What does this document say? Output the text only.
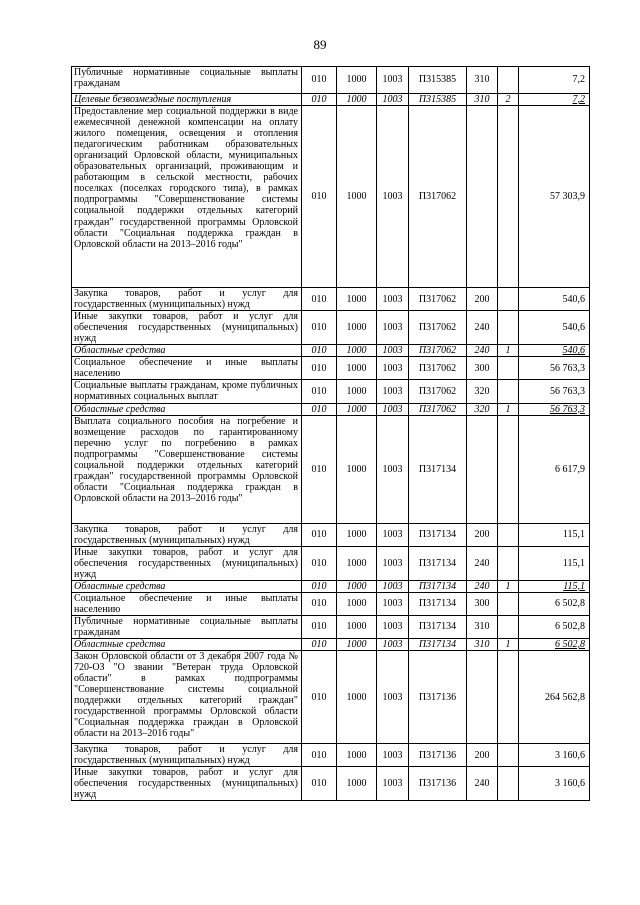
89
Публичные нормативные социальные выплаты гражданам	010	1000	1003	П315385	310		7,2
Целевые безвозмездные поступления	010	1000	1003	П315385	310	2	7,2
Предоставление мер социальной поддержки в виде ежемесячной денежной компенсации на оплату жилого помещения, освещения и отопления педагогическим работникам образовательных организаций Орловской области, муниципальных образовательных организаций, проживающим и работающим в сельской местности, рабочих поселках (поселках городского типа), в рамках подпрограммы "Совершенствование системы социальной поддержки отдельных категорий граждан" государственной программы Орловской области "Социальная поддержка граждан в Орловской области на 2013–2016 годы"	010	1000	1003	П317062			57 303,9
Закупка товаров, работ и услуг для государственных (муниципальных) нужд	010	1000	1003	П317062	200		540,6
Иные закупки товаров, работ и услуг для обеспечения государственных (муниципальных) нужд	010	1000	1003	П317062	240		540,6
Областные средства	010	1000	1003	П317062	240	1	540,6
Социальное обеспечение и иные выплаты населению	010	1000	1003	П317062	300		56 763,3
Социальные выплаты гражданам, кроме публичных нормативных социальных выплат	010	1000	1003	П317062	320		56 763,3
Областные средства	010	1000	1003	П317062	320	1	56 763,3
Выплата социального пособия на погребение и возмещение расходов по гарантированному перечню услуг по погребению в рамках подпрограммы "Совершенствование системы социальной поддержки отдельных категорий граждан" государственной программы Орловской области "Социальная поддержка граждан в Орловской области на 2013–2016 годы"	010	1000	1003	П317134			6 617,9
Закупка товаров, работ и услуг для государственных (муниципальных) нужд	010	1000	1003	П317134	200		115,1
Иные закупки товаров, работ и услуг для обеспечения государственных (муниципальных) нужд	010	1000	1003	П317134	240		115,1
Областные средства	010	1000	1003	П317134	240	1	115,1
Социальное обеспечение и иные выплаты населению	010	1000	1003	П317134	300		6 502,8
Публичные нормативные социальные выплаты гражданам	010	1000	1003	П317134	310		6 502,8
Областные средства	010	1000	1003	П317134	310	1	6 502,8
Закон Орловской области от 3 декабря 2007 года № 720-ОЗ "О звании "Ветеран труда Орловской области" в рамках подпрограммы "Совершенствование системы социальной поддержки отдельных категорий граждан" государственной программы Орловской области "Социальная поддержка граждан в Орловской области на 2013–2016 годы"	010	1000	1003	П317136			264 562,8
Закупка товаров, работ и услуг для государственных (муниципальных) нужд	010	1000	1003	П317136	200		3 160,6
Иные закупки товаров, работ и услуг для обеспечения государственных (муниципальных) нужд	010	1000	1003	П317136	240		3 160,6
